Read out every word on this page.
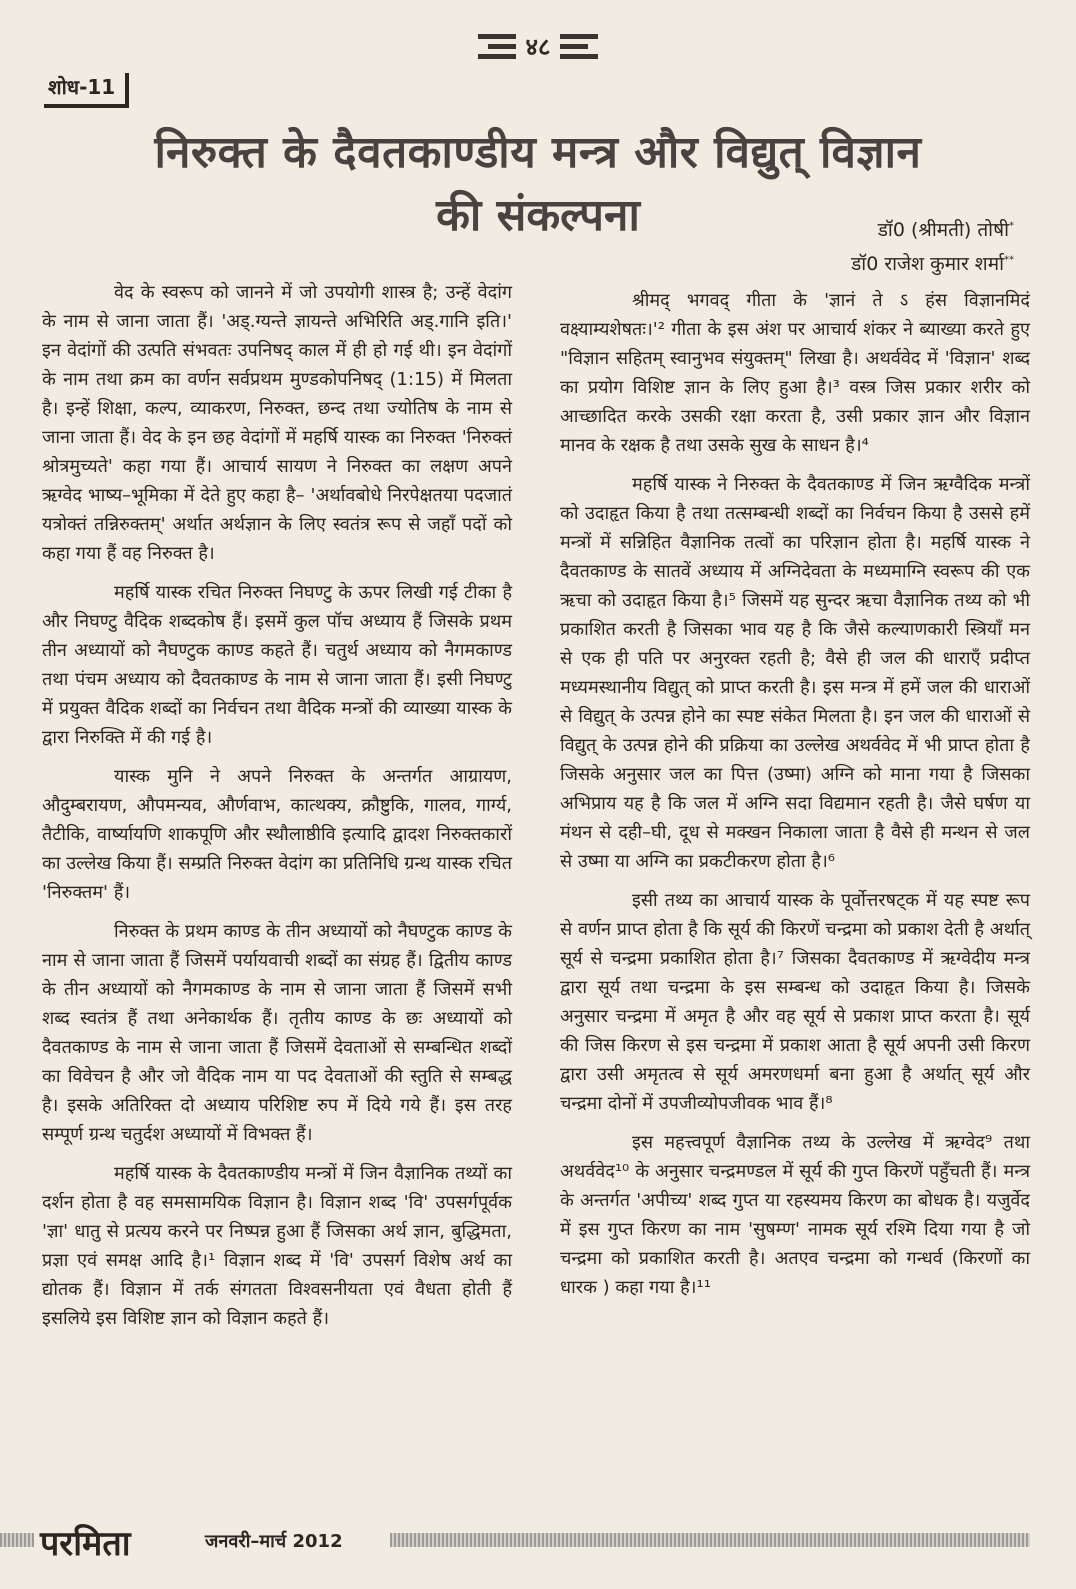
४८
शोध-11
निरुक्त के दैवतकाण्डीय मन्त्र और विद्युत् विज्ञान
की संकल्पना	डॉ0 (श्रीमती) तोषी*
डॉ0 राजेश कुमार शर्मा**

वेद के स्वरूप को जानने में जो उपयोगी शास्त्र है; उन्हें वेदांग के नाम से जाना जाता हैं। 'अड्.ग्यन्ते ज्ञायन्ते अभिरिति अड्.गानि इति।' इन वेदांगों की उत्पति संभवतः उपनिषद् काल में ही हो गई थी। इन वेदांगों के नाम तथा क्रम का वर्णन सर्वप्रथम मुण्डकोपनिषद् (1:15) में मिलता है। इन्हें शिक्षा, कल्प, व्याकरण, निरुक्त, छन्द तथा ज्योतिष के नाम से जाना जाता हैं। वेद के इन छह वेदांगों में महर्षि यास्क का निरुक्त 'निरुक्तं श्रोत्रमुच्यते' कहा गया हैं। आचार्य सायण ने निरुक्त का लक्षण अपने ऋग्वेद भाष्य–भूमिका में देते हुए कहा है– 'अर्थावबोधे निरपेक्षतया पदजातं यत्रोक्तं तन्निरुक्तम्' अर्थात अर्थज्ञान के लिए स्वतंत्र रूप से जहाँ पदों को कहा गया हैं वह निरुक्त है।

महर्षि यास्क रचित निरुक्त निघण्टु के ऊपर लिखी गई टीका है और निघण्टु वैदिक शब्दकोष हैं। इसमें कुल पॉच अध्याय हैं जिसके प्रथम तीन अध्यायों को नैघण्टुक काण्ड कहते हैं। चतुर्थ अध्याय को नैगमकाण्ड तथा पंचम अध्याय को दैवतकाण्ड के नाम से जाना जाता हैं। इसी निघण्टु में प्रयुक्त वैदिक शब्दों का निर्वचन तथा वैदिक मन्त्रों की व्याख्या यास्क के द्वारा निरुक्ति में की गई है।

यास्क मुनि ने अपने निरुक्त के अन्तर्गत आग्रायण, औदुम्बरायण, औपमन्यव, और्णवाभ, कात्थक्य, क्रौष्टुकि, गालव, गार्ग्य, तैटीकि, वार्ष्यायणि शाकपूणि और स्थौलाष्ठीवि इत्यादि द्वादश निरुक्तकारों का उल्लेख किया हैं। सम्प्रति निरुक्त वेदांग का प्रतिनिधि ग्रन्थ यास्क रचित 'निरुक्तम' हैं।

निरुक्त के प्रथम काण्ड के तीन अध्यायों को नैघण्टुक काण्ड के नाम से जाना जाता हैं जिसमें पर्यायवाची शब्दों का संग्रह हैं। द्वितीय काण्ड के तीन अध्यायों को नैगमकाण्ड के नाम से जाना जाता हैं जिसमें सभी शब्द स्वतंत्र हैं तथा अनेकार्थक हैं। तृतीय काण्ड के छः अध्यायों को दैवतकाण्ड के नाम से जाना जाता हैं जिसमें देवताओं से सम्बन्धित शब्दों का विवेचन है और जो वैदिक नाम या पद देवताओं की स्तुति से सम्बद्ध है। इसके अतिरिक्त दो अध्याय परिशिष्ट रुप में दिये गये हैं। इस तरह सम्पूर्ण ग्रन्थ चतुर्दश अध्यायों में विभक्त हैं।

महर्षि यास्क के दैवतकाण्डीय मन्त्रों में जिन वैज्ञानिक तथ्यों का दर्शन होता है वह समसामयिक विज्ञान है। विज्ञान शब्द 'वि' उपसर्गपूर्वक 'ज्ञा' धातु से प्रत्यय करने पर निष्पन्न हुआ हैं जिसका अर्थ ज्ञान, बुद्धिमता, प्रज्ञा एवं समक्ष आदि है।¹ विज्ञान शब्द में 'वि' उपसर्ग विशेष अर्थ का द्योतक हैं। विज्ञान में तर्क संगतता विश्वसनीयता एवं वैधता होती हैं इसलिये इस विशिष्ट ज्ञान को विज्ञान कहते हैं।

श्रीमद् भगवद् गीता के 'ज्ञानं ते ऽ हंस विज्ञानमिदं वक्ष्याम्यशेषतः।'² गीता के इस अंश पर आचार्य शंकर ने ब्याख्या करते हुए "विज्ञान सहितम् स्वानुभव संयुक्तम्" लिखा है। अथर्ववेद में 'विज्ञान' शब्द का प्रयोग विशिष्ट ज्ञान के लिए हुआ है।³ वस्त्र जिस प्रकार शरीर को आच्छादित करके उसकी रक्षा करता है, उसी प्रकार ज्ञान और विज्ञान मानव के रक्षक है तथा उसके सुख के साधन है।⁴

महर्षि यास्क ने निरुक्त के दैवतकाण्ड में जिन ऋग्वैदिक मन्त्रों को उदाहृत किया है तथा तत्सम्बन्धी शब्दों का निर्वचन किया है उससे हमें मन्त्रों में सन्निहित वैज्ञानिक तत्वों का परिज्ञान होता है। महर्षि यास्क ने दैवतकाण्ड के सातवें अध्याय में अग्निदेवता के मध्यमाग्नि स्वरूप की एक ऋचा को उदाहृत किया है।⁵ जिसमें यह सुन्दर ऋचा वैज्ञानिक तथ्य को भी प्रकाशित करती है जिसका भाव यह है कि जैसे कल्याणकारी स्त्रियाँ मन से एक ही पति पर अनुरक्त रहती है; वैसे ही जल की धाराएँ प्रदीप्त मध्यमस्थानीय विद्युत् को प्राप्त करती है। इस मन्त्र में हमें जल की धाराओं से विद्युत् के उत्पन्न होने का स्पष्ट संकेत मिलता है। इन जल की धाराओं से विद्युत् के उत्पन्न होने की प्रक्रिया का उल्लेख अथर्ववेद में भी प्राप्त होता है जिसके अनुसार जल का पित्त (उष्मा) अग्नि को माना गया है जिसका अभिप्राय यह है कि जल में अग्नि सदा विद्यमान रहती है। जैसे घर्षण या मंथन से दही–घी, दूध से मक्खन निकाला जाता है वैसे ही मन्थन से जल से उष्मा या अग्नि का प्रकटीकरण होता है।⁶

इसी तथ्य का आचार्य यास्क के पूर्वोत्तरषट्क में यह स्पष्ट रूप से वर्णन प्राप्त होता है कि सूर्य की किरणें चन्द्रमा को प्रकाश देती है अर्थात् सूर्य से चन्द्रमा प्रकाशित होता है।⁷ जिसका दैवतकाण्ड में ऋग्वेदीय मन्त्र द्वारा सूर्य तथा चन्द्रमा के इस सम्बन्ध को उदाहृत किया है। जिसके अनुसार चन्द्रमा में अमृत है और वह सूर्य से प्रकाश प्राप्त करता है। सूर्य की जिस किरण से इस चन्द्रमा में प्रकाश आता है सूर्य अपनी उसी किरण द्वारा उसी अमृतत्व से सूर्य अमरणधर्मा बना हुआ है अर्थात् सूर्य और चन्द्रमा दोनों में उपजीव्योपजीवक भाव हैं।⁸

इस महत्त्वपूर्ण वैज्ञानिक तथ्य के उल्लेख में ऋग्वेद⁹ तथा अथर्ववेद¹⁰ के अनुसार चन्द्रमण्डल में सूर्य की गुप्त किरणें पहुँचती हैं। मन्त्र के अन्तर्गत 'अपीच्य' शब्द गुप्त या रहस्यमय किरण का बोधक है। यजुर्वेद में इस गुप्त किरण का नाम 'सुषम्ण' नामक सूर्य रश्मि दिया गया है जो चन्द्रमा को प्रकाशित करती है। अतएव चन्द्रमा को गन्धर्व (किरणों का धारक ) कहा गया है।¹¹

परमिता	जनवरी–मार्च 2012
